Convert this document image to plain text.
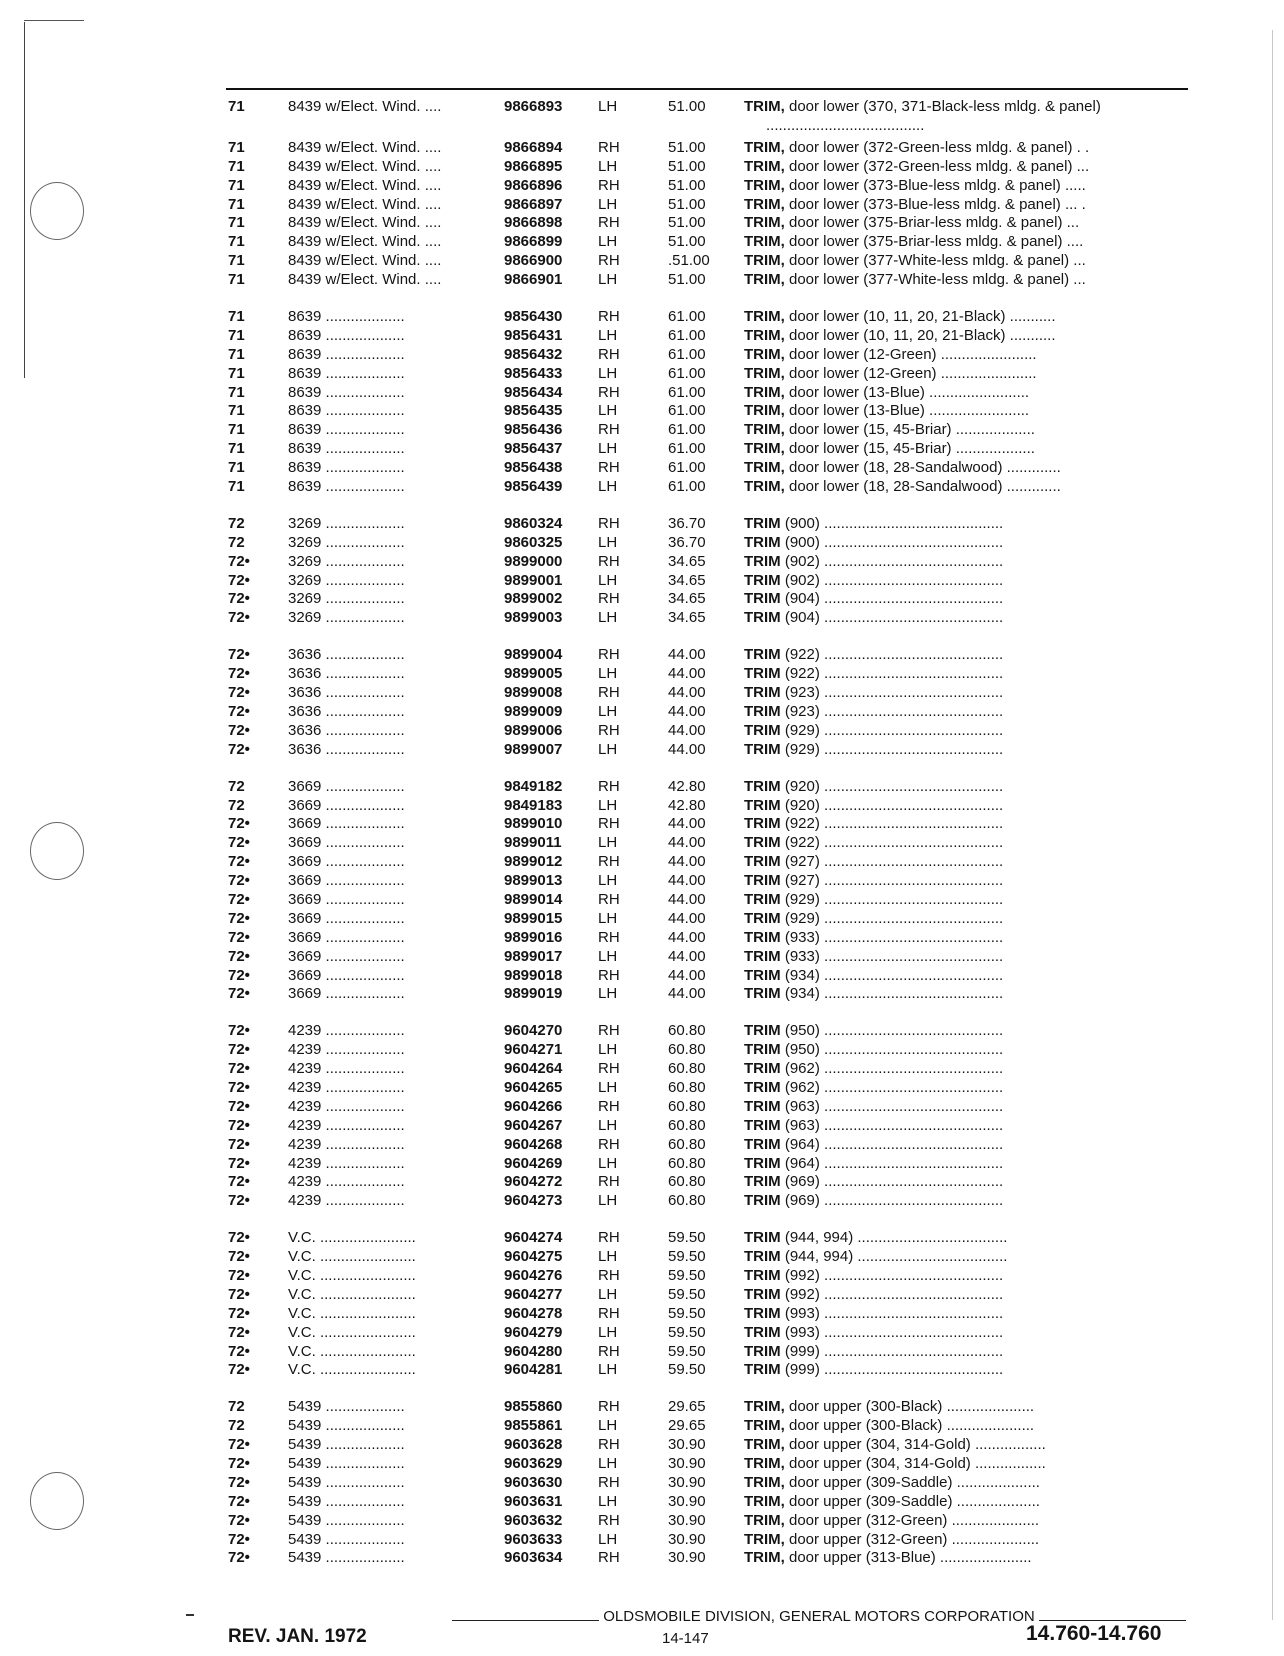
71	8439 w/Elect. Wind. ....	9866893	LH	51.00	TRIM, door lower (370, 371-Black-less mldg. & panel)
......................................
71	8439 w/Elect. Wind. ....	9866894	RH	51.00	TRIM, door lower (372-Green-less mldg. & panel) . .
71	8439 w/Elect. Wind. ....	9866895	LH	51.00	TRIM, door lower (372-Green-less mldg. & panel) ...
71	8439 w/Elect. Wind. ....	9866896	RH	51.00	TRIM, door lower (373-Blue-less mldg. & panel) .....
71	8439 w/Elect. Wind. ....	9866897	LH	51.00	TRIM, door lower (373-Blue-less mldg. & panel) ... .
71	8439 w/Elect. Wind. ....	9866898	RH	51.00	TRIM, door lower (375-Briar-less mldg. & panel) ...
71	8439 w/Elect. Wind. ....	9866899	LH	51.00	TRIM, door lower (375-Briar-less mldg. & panel) ....
71	8439 w/Elect. Wind. ....	9866900	RH	.51.00	TRIM, door lower (377-White-less mldg. & panel) ...
71	8439 w/Elect. Wind. ....	9866901	LH	51.00	TRIM, door lower (377-White-less mldg. & panel) ...
71	8639 ...................	9856430	RH	61.00	TRIM, door lower (10, 11, 20, 21-Black) ...........
71	8639 ...................	9856431	LH	61.00	TRIM, door lower (10, 11, 20, 21-Black) ...........
71	8639 ...................	9856432	RH	61.00	TRIM, door lower (12-Green) .......................
71	8639 ...................	9856433	LH	61.00	TRIM, door lower (12-Green) .......................
71	8639 ...................	9856434	RH	61.00	TRIM, door lower (13-Blue) ........................
71	8639 ...................	9856435	LH	61.00	TRIM, door lower (13-Blue) ........................
71	8639 ...................	9856436	RH	61.00	TRIM, door lower (15, 45-Briar) ...................
71	8639 ...................	9856437	LH	61.00	TRIM, door lower (15, 45-Briar) ...................
71	8639 ...................	9856438	RH	61.00	TRIM, door lower (18, 28-Sandalwood) .............
71	8639 ...................	9856439	LH	61.00	TRIM, door lower (18, 28-Sandalwood) .............
72	3269 ...................	9860324	RH	36.70	TRIM (900) ...........................................
72	3269 ...................	9860325	LH	36.70	TRIM (900) ...........................................
72•	3269 ...................	9899000	RH	34.65	TRIM (902) ...........................................
72•	3269 ...................	9899001	LH	34.65	TRIM (902) ...........................................
72•	3269 ...................	9899002	RH	34.65	TRIM (904) ...........................................
72•	3269 ...................	9899003	LH	34.65	TRIM (904) ...........................................
72•	3636 ...................	9899004	RH	44.00	TRIM (922) ...........................................
72•	3636 ...................	9899005	LH	44.00	TRIM (922) ...........................................
72•	3636 ...................	9899008	RH	44.00	TRIM (923) ...........................................
72•	3636 ...................	9899009	LH	44.00	TRIM (923) ...........................................
72•	3636 ...................	9899006	RH	44.00	TRIM (929) ...........................................
72•	3636 ...................	9899007	LH	44.00	TRIM (929) ...........................................
72	3669 ...................	9849182	RH	42.80	TRIM (920) ...........................................
72	3669 ...................	9849183	LH	42.80	TRIM (920) ...........................................
72•	3669 ...................	9899010	RH	44.00	TRIM (922) ...........................................
72•	3669 ...................	9899011	LH	44.00	TRIM (922) ...........................................
72•	3669 ...................	9899012	RH	44.00	TRIM (927) ...........................................
72•	3669 ...................	9899013	LH	44.00	TRIM (927) ...........................................
72•	3669 ...................	9899014	RH	44.00	TRIM (929) ...........................................
72•	3669 ...................	9899015	LH	44.00	TRIM (929) ...........................................
72•	3669 ...................	9899016	RH	44.00	TRIM (933) ...........................................
72•	3669 ...................	9899017	LH	44.00	TRIM (933) ...........................................
72•	3669 ...................	9899018	RH	44.00	TRIM (934) ...........................................
72•	3669 ...................	9899019	LH	44.00	TRIM (934) ...........................................
72•	4239 ...................	9604270	RH	60.80	TRIM (950) ...........................................
72•	4239 ...................	9604271	LH	60.80	TRIM (950) ...........................................
72•	4239 ...................	9604264	RH	60.80	TRIM (962) ...........................................
72•	4239 ...................	9604265	LH	60.80	TRIM (962) ...........................................
72•	4239 ...................	9604266	RH	60.80	TRIM (963) ...........................................
72•	4239 ...................	9604267	LH	60.80	TRIM (963) ...........................................
72•	4239 ...................	9604268	RH	60.80	TRIM (964) ...........................................
72•	4239 ...................	9604269	LH	60.80	TRIM (964) ...........................................
72•	4239 ...................	9604272	RH	60.80	TRIM (969) ...........................................
72•	4239 ...................	9604273	LH	60.80	TRIM (969) ...........................................
72•	V.C. .......................	9604274	RH	59.50	TRIM (944, 994) ....................................
72•	V.C. .......................	9604275	LH	59.50	TRIM (944, 994) ....................................
72•	V.C. .......................	9604276	RH	59.50	TRIM (992) ...........................................
72•	V.C. .......................	9604277	LH	59.50	TRIM (992) ...........................................
72•	V.C. .......................	9604278	RH	59.50	TRIM (993) ...........................................
72•	V.C. .......................	9604279	LH	59.50	TRIM (993) ...........................................
72•	V.C. .......................	9604280	RH	59.50	TRIM (999) ...........................................
72•	V.C. .......................	9604281	LH	59.50	TRIM (999) ...........................................
72	5439 ...................	9855860	RH	29.65	TRIM, door upper (300-Black) .....................
72	5439 ...................	9855861	LH	29.65	TRIM, door upper (300-Black) .....................
72•	5439 ...................	9603628	RH	30.90	TRIM, door upper (304, 314-Gold) .................
72•	5439 ...................	9603629	LH	30.90	TRIM, door upper (304, 314-Gold) .................
72•	5439 ...................	9603630	RH	30.90	TRIM, door upper (309-Saddle) ....................
72•	5439 ...................	9603631	LH	30.90	TRIM, door upper (309-Saddle) ....................
72•	5439 ...................	9603632	RH	30.90	TRIM, door upper (312-Green) .....................
72•	5439 ...................	9603633	LH	30.90	TRIM, door upper (312-Green) .....................
72•	5439 ...................	9603634	RH	30.90	TRIM, door upper (313-Blue) ......................
OLDSMOBILE DIVISION, GENERAL MOTORS CORPORATION
REV. JAN. 1972	14-147	14.760-14.760
